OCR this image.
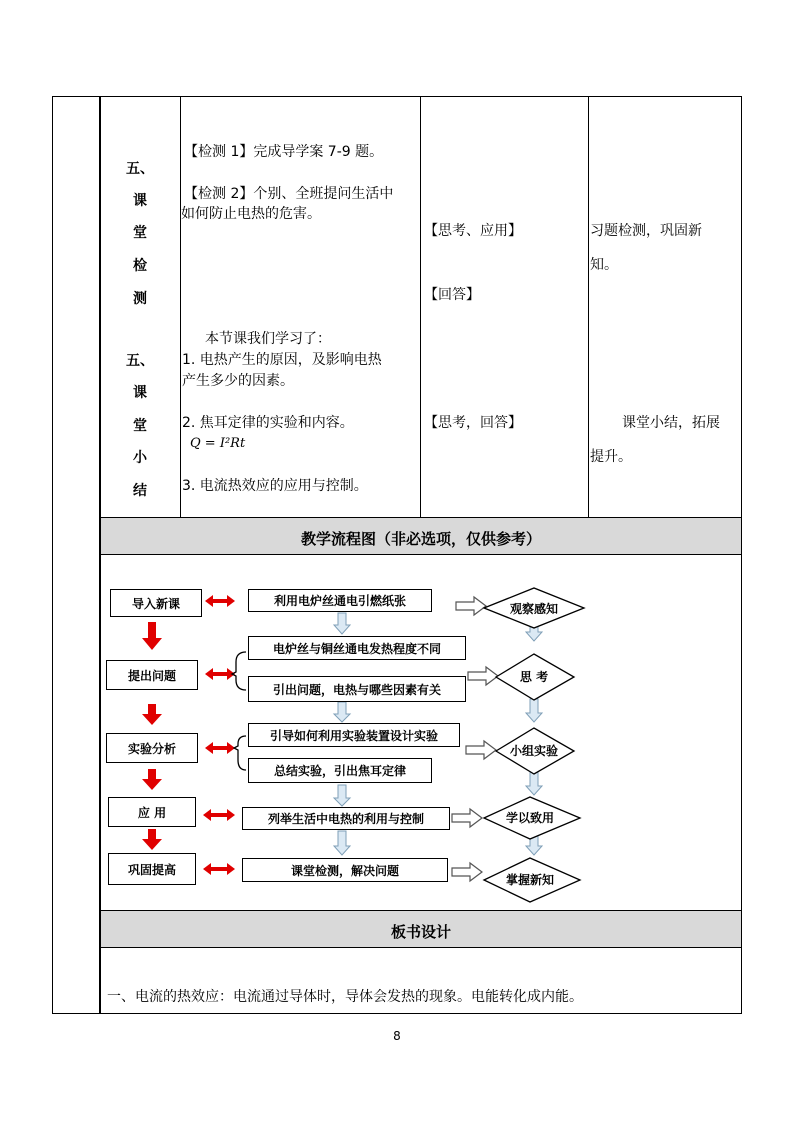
五、
课
堂
检
测
【检测 1】完成导学案 7-9 题。
【检测 2】个别、全班提问生活中
如何防止电热的危害。
【思考、应用】
【回答】
习题检测，巩固新
知。
五、
课
堂
小
结
本节课我们学习了：
1. 电热产生的原因，及影响电热
产生多少的因素。
2. 焦耳定律的实验和内容。
Q = I²Rt
3. 电流热效应的应用与控制。
【思考，回答】	课堂小结，拓展
提升。
教学流程图（非必选项，仅供参考）
导入新课
提出问题
实验分析
应 用
巩固提高
利用电炉丝通电引燃纸张
电炉丝与铜丝通电发热程度不同
引出问题，电热与哪些因素有关
引导如何利用实验装置设计实验
总结实验，引出焦耳定律
列举生活中电热的利用与控制
课堂检测，解决问题
观察感知
思 考
小组实验
学以致用
掌握新知
板书设计
一、电流的热效应：电流通过导体时，导体会发热的现象。电能转化成内能。
8
